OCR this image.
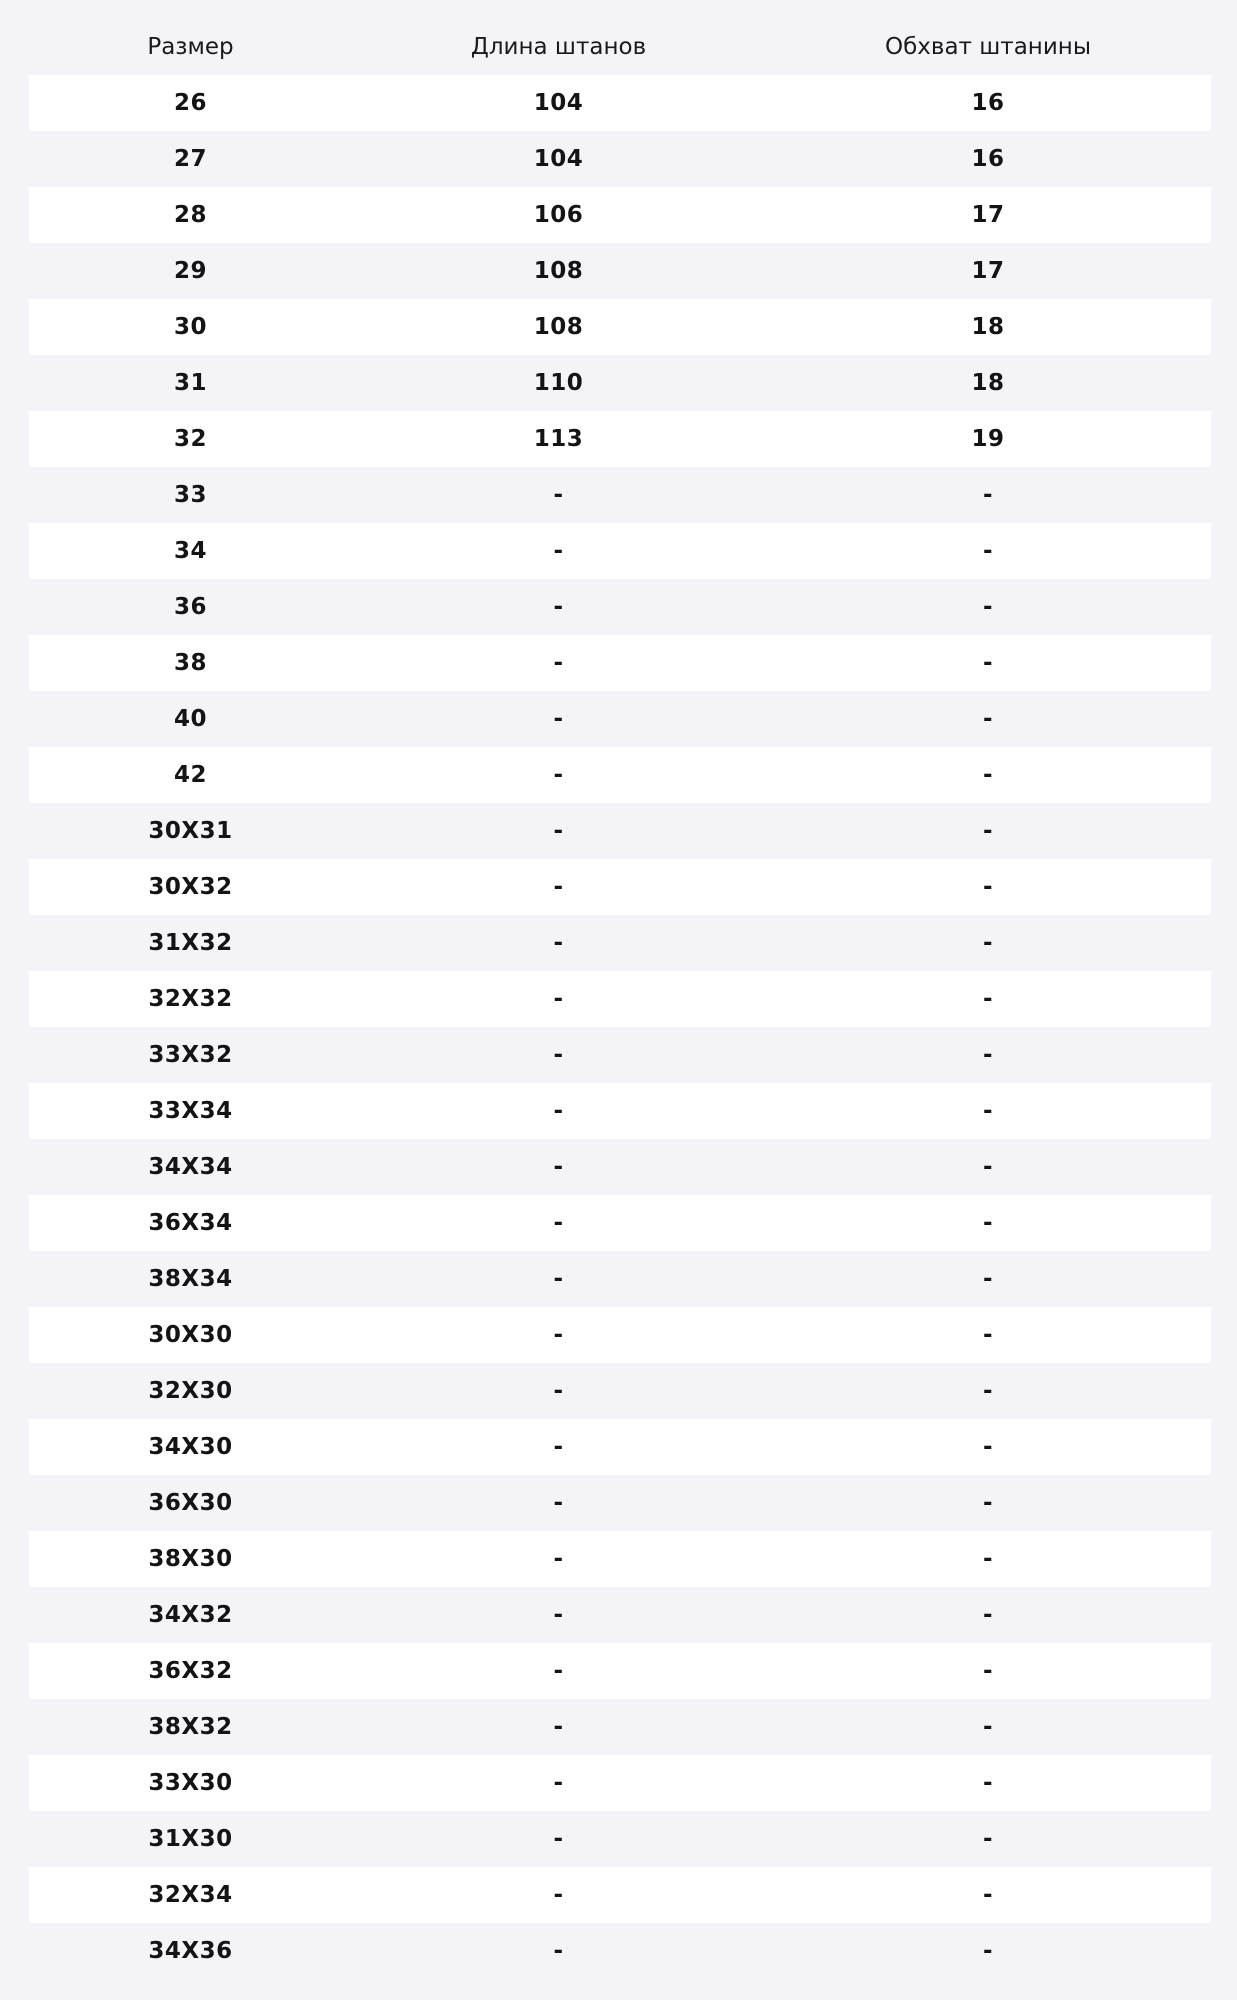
Размер	Длина штанов	Обхват штанины
26	104	16
27	104	16
28	106	17
29	108	17
30	108	18
31	110	18
32	113	19
33	-	-
34	-	-
36	-	-
38	-	-
40	-	-
42	-	-
30X31	-	-
30X32	-	-
31X32	-	-
32X32	-	-
33X32	-	-
33X34	-	-
34X34	-	-
36X34	-	-
38X34	-	-
30X30	-	-
32X30	-	-
34X30	-	-
36X30	-	-
38X30	-	-
34X32	-	-
36X32	-	-
38X32	-	-
33X30	-	-
31X30	-	-
32X34	-	-
34X36	-	-
